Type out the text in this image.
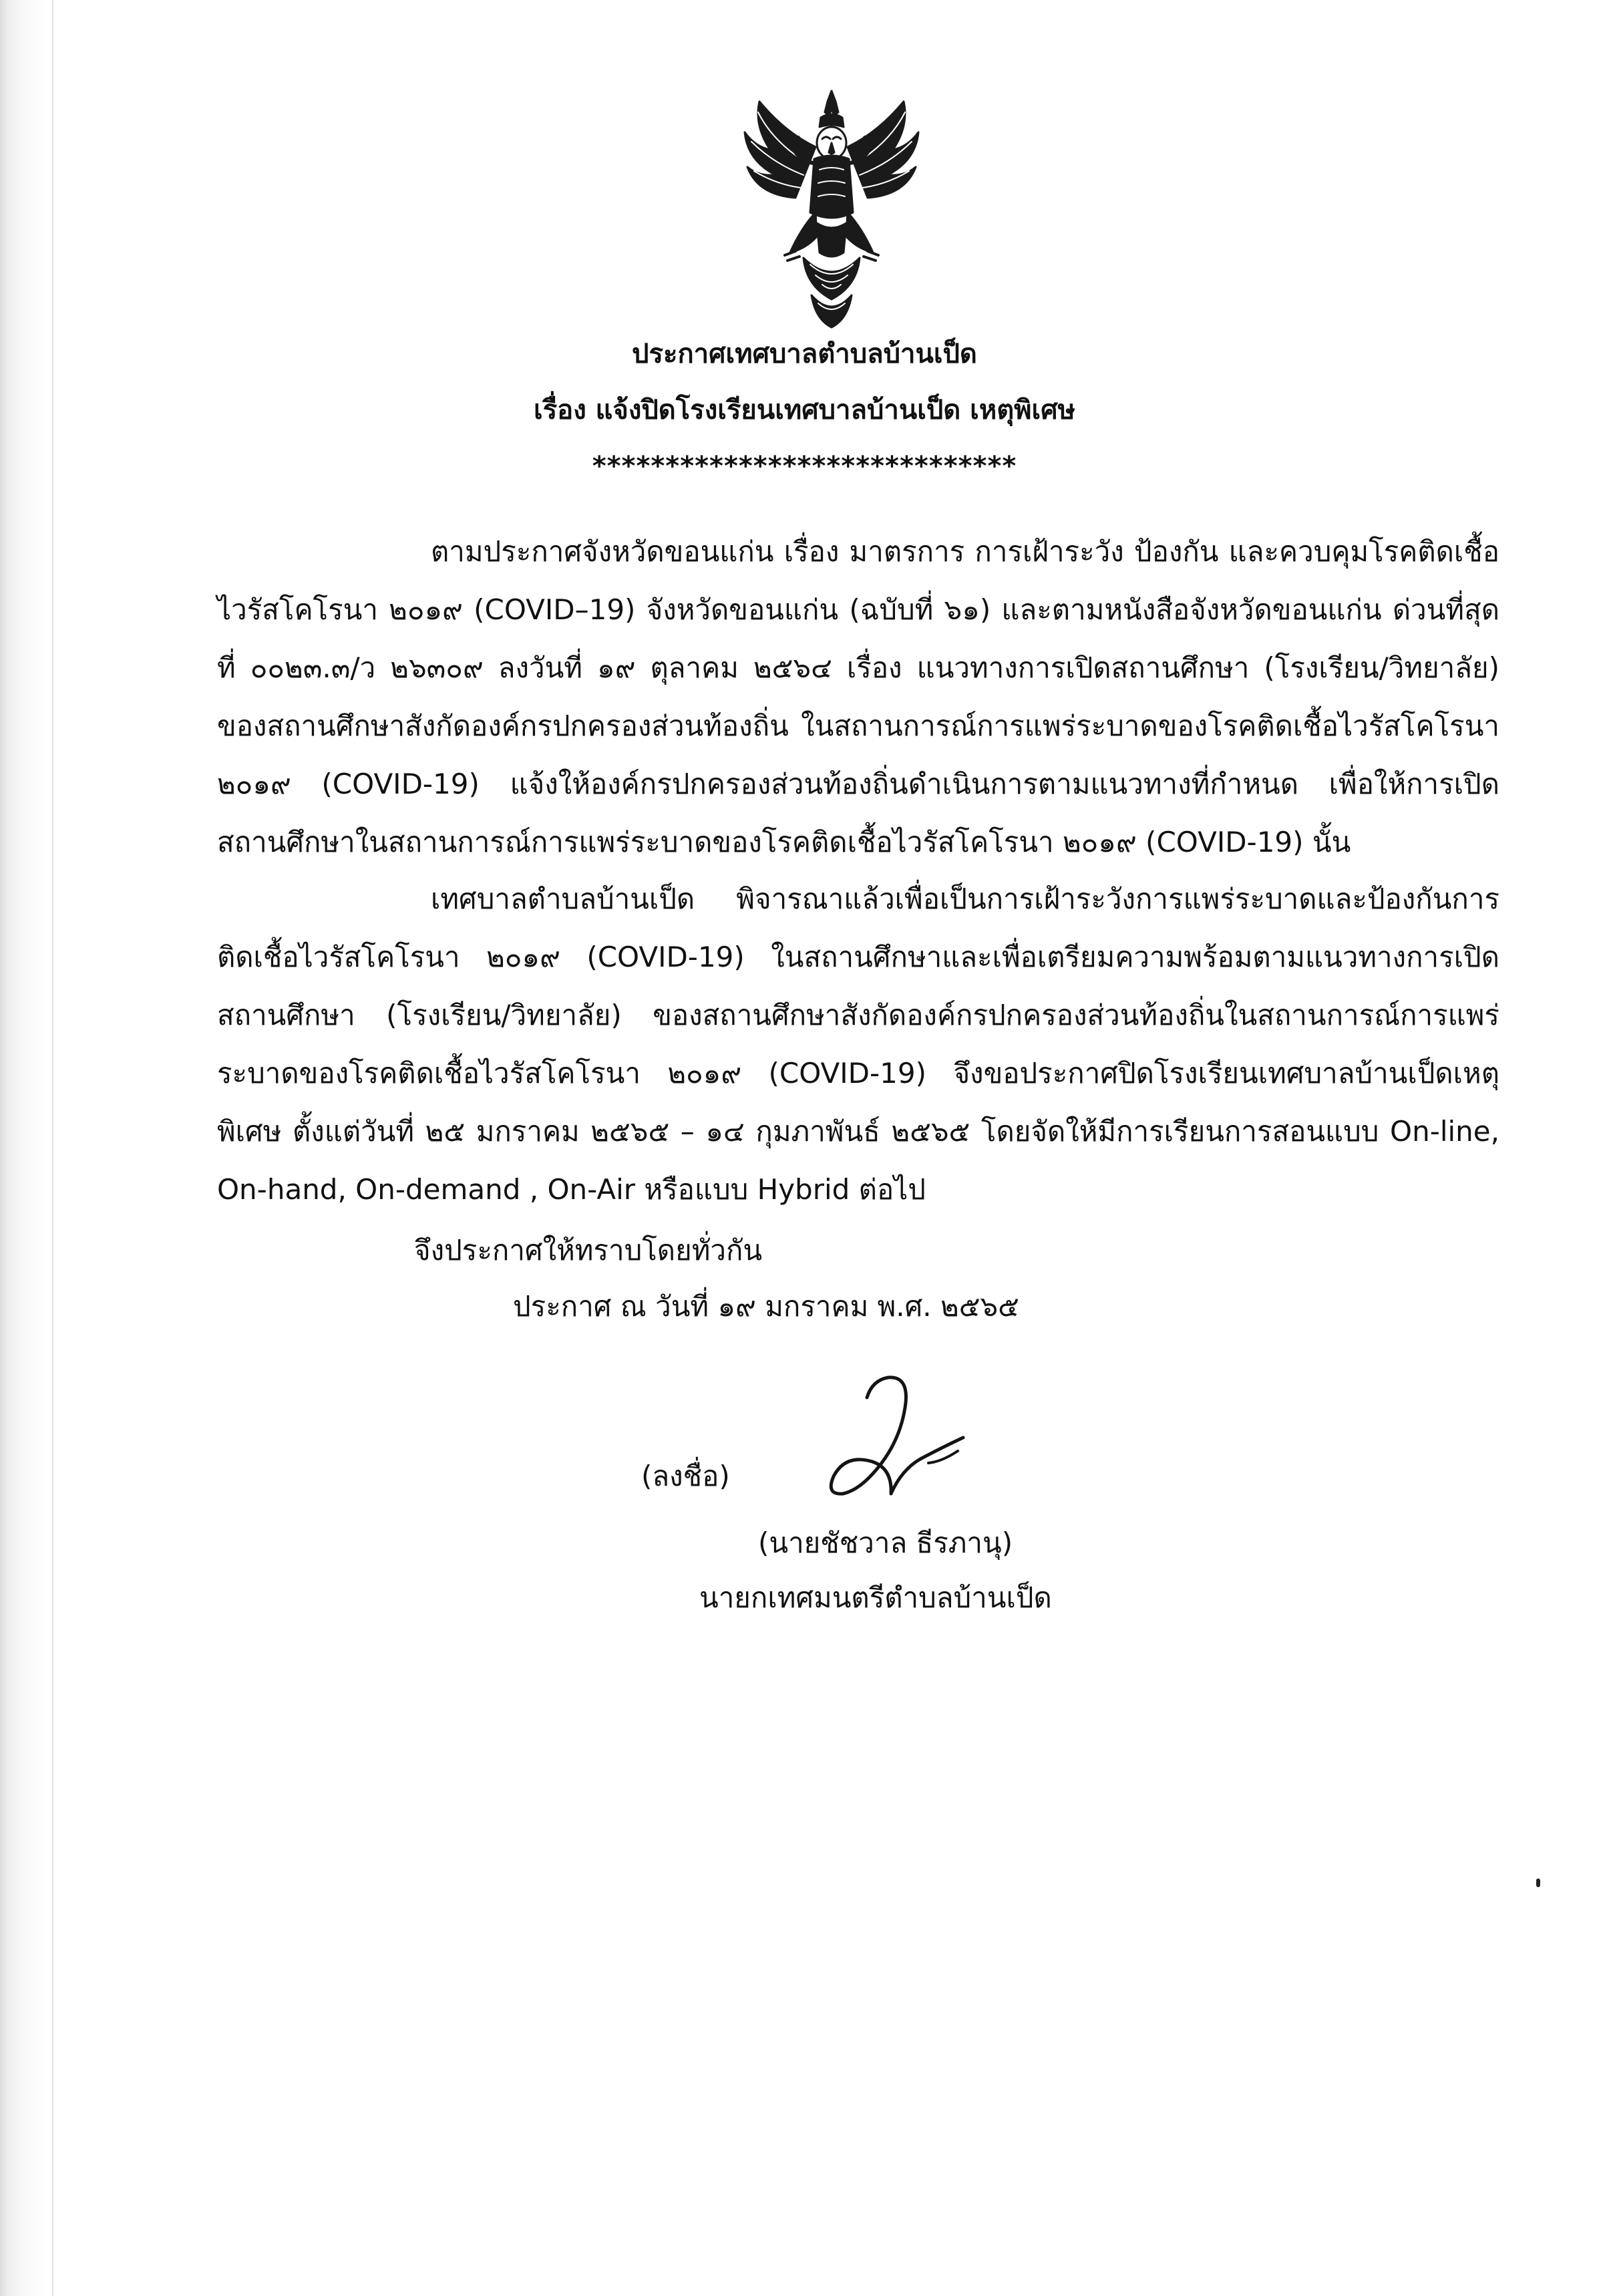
ประกาศเทศบาลตำบลบ้านเป็ด
เรื่อง แจ้งปิดโรงเรียนเทศบาลบ้านเป็ด เหตุพิเศษ
*****************************

ตามประกาศจังหวัดขอนแก่น เรื่อง มาตรการ การเฝ้าระวัง ป้องกัน และควบคุมโรคติดเชื้อไวรัสโคโรนา ๒๐๑๙ (COVID–19) จังหวัดขอนแก่น (ฉบับที่ ๖๑) และตามหนังสือจังหวัดขอนแก่น ด่วนที่สุด ที่ ๐๐๒๓.๓/ว ๒๖๓๐๙ ลงวันที่ ๑๙ ตุลาคม ๒๕๖๔ เรื่อง แนวทางการเปิดสถานศึกษา (โรงเรียน/วิทยาลัย) ของสถานศึกษาสังกัดองค์กรปกครองส่วนท้องถิ่น ในสถานการณ์การแพร่ระบาดของโรคติดเชื้อไวรัสโคโรนา ๒๐๑๙ (COVID-19) แจ้งให้องค์กรปกครองส่วนท้องถิ่นดำเนินการตามแนวทางที่กำหนด เพื่อให้การเปิดสถานศึกษาในสถานการณ์การแพร่ระบาดของโรคติดเชื้อไวรัสโคโรนา ๒๐๑๙ (COVID-19) นั้น

เทศบาลตำบลบ้านเป็ด พิจารณาแล้วเพื่อเป็นการเฝ้าระวังการแพร่ระบาดและป้องกันการติดเชื้อไวรัสโคโรนา ๒๐๑๙ (COVID-19) ในสถานศึกษาและเพื่อเตรียมความพร้อมตามแนวทางการเปิดสถานศึกษา (โรงเรียน/วิทยาลัย) ของสถานศึกษาสังกัดองค์กรปกครองส่วนท้องถิ่นในสถานการณ์การแพร่ระบาดของโรคติดเชื้อไวรัสโคโรนา ๒๐๑๙ (COVID-19) จึงขอประกาศปิดโรงเรียนเทศบาลบ้านเป็ดเหตุพิเศษ ตั้งแต่วันที่ ๒๕ มกราคม ๒๕๖๕ – ๑๔ กุมภาพันธ์ ๒๕๖๕ โดยจัดให้มีการเรียนการสอนแบบ On-line, On-hand, On-demand , On-Air หรือแบบ Hybrid ต่อไป

จึงประกาศให้ทราบโดยทั่วกัน
ประกาศ ณ วันที่ ๑๙ มกราคม พ.ศ. ๒๕๖๕
(ลงชื่อ)
(นายชัชวาล ธีรภานุ)
นายกเทศมนตรีตำบลบ้านเป็ด
